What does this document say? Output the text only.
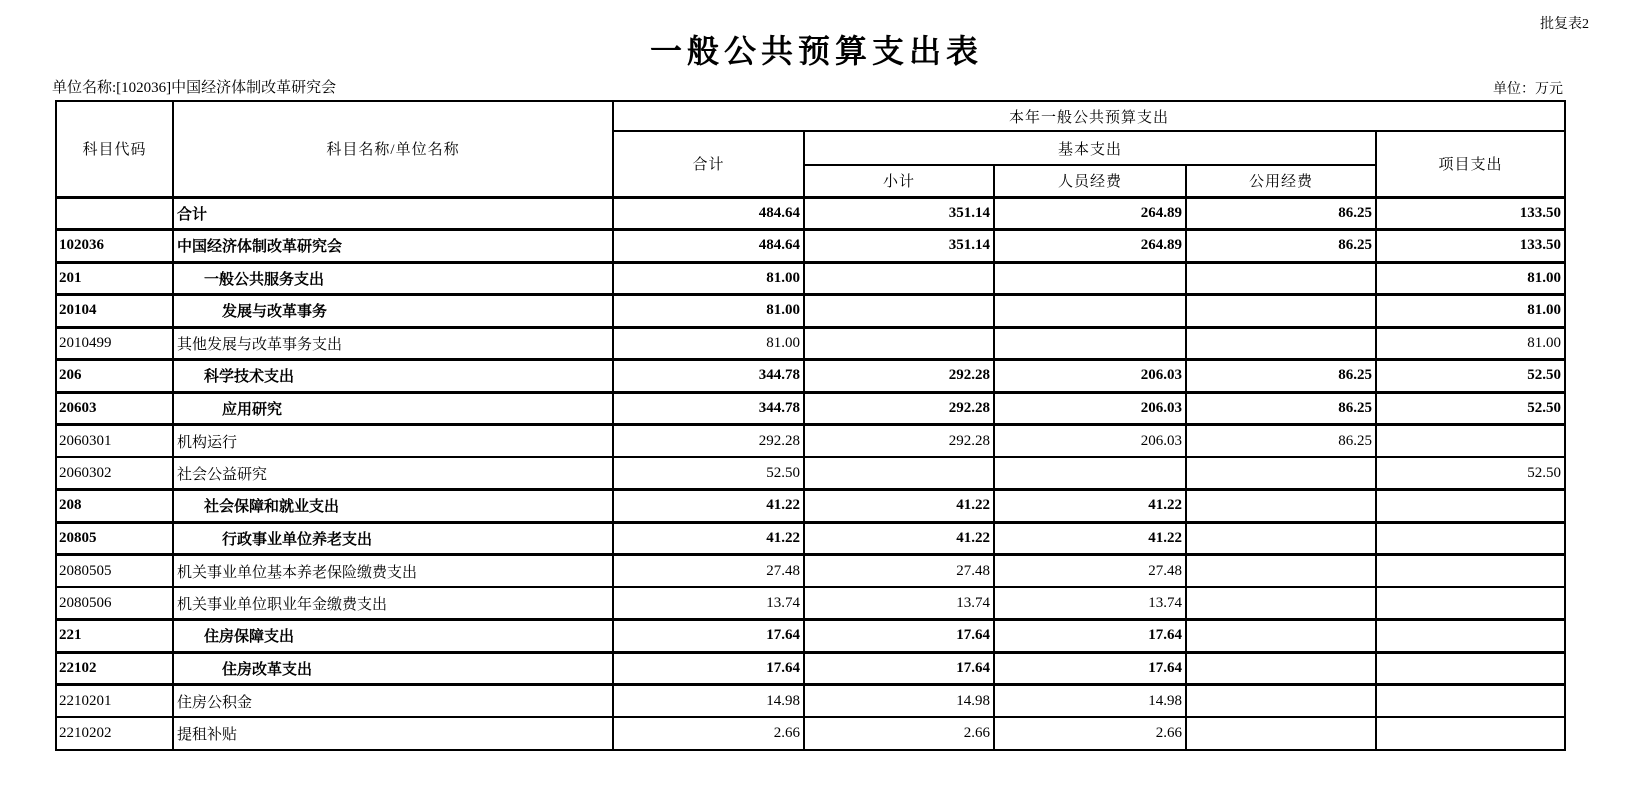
批复表2
一般公共预算支出表
单位名称:[102036]中国经济体制改革研究会	单位：万元
科目代码	科目名称/单位名称	本年一般公共预算支出				
		合计	基本支出			项目支出
			小计	人员经费	公用经费	
	合计	484.64	351.14	264.89	86.25	133.50
102036	中国经济体制改革研究会	484.64	351.14	264.89	86.25	133.50
201	一般公共服务支出	81.00				81.00
20104	发展与改革事务	81.00				81.00
2010499	其他发展与改革事务支出	81.00				81.00
206	科学技术支出	344.78	292.28	206.03	86.25	52.50
20603	应用研究	344.78	292.28	206.03	86.25	52.50
2060301	机构运行	292.28	292.28	206.03	86.25	
2060302	社会公益研究	52.50				52.50
208	社会保障和就业支出	41.22	41.22	41.22		
20805	行政事业单位养老支出	41.22	41.22	41.22		
2080505	机关事业单位基本养老保险缴费支出	27.48	27.48	27.48		
2080506	机关事业单位职业年金缴费支出	13.74	13.74	13.74		
221	住房保障支出	17.64	17.64	17.64		
22102	住房改革支出	17.64	17.64	17.64		
2210201	住房公积金	14.98	14.98	14.98		
2210202	提租补贴	2.66	2.66	2.66		
